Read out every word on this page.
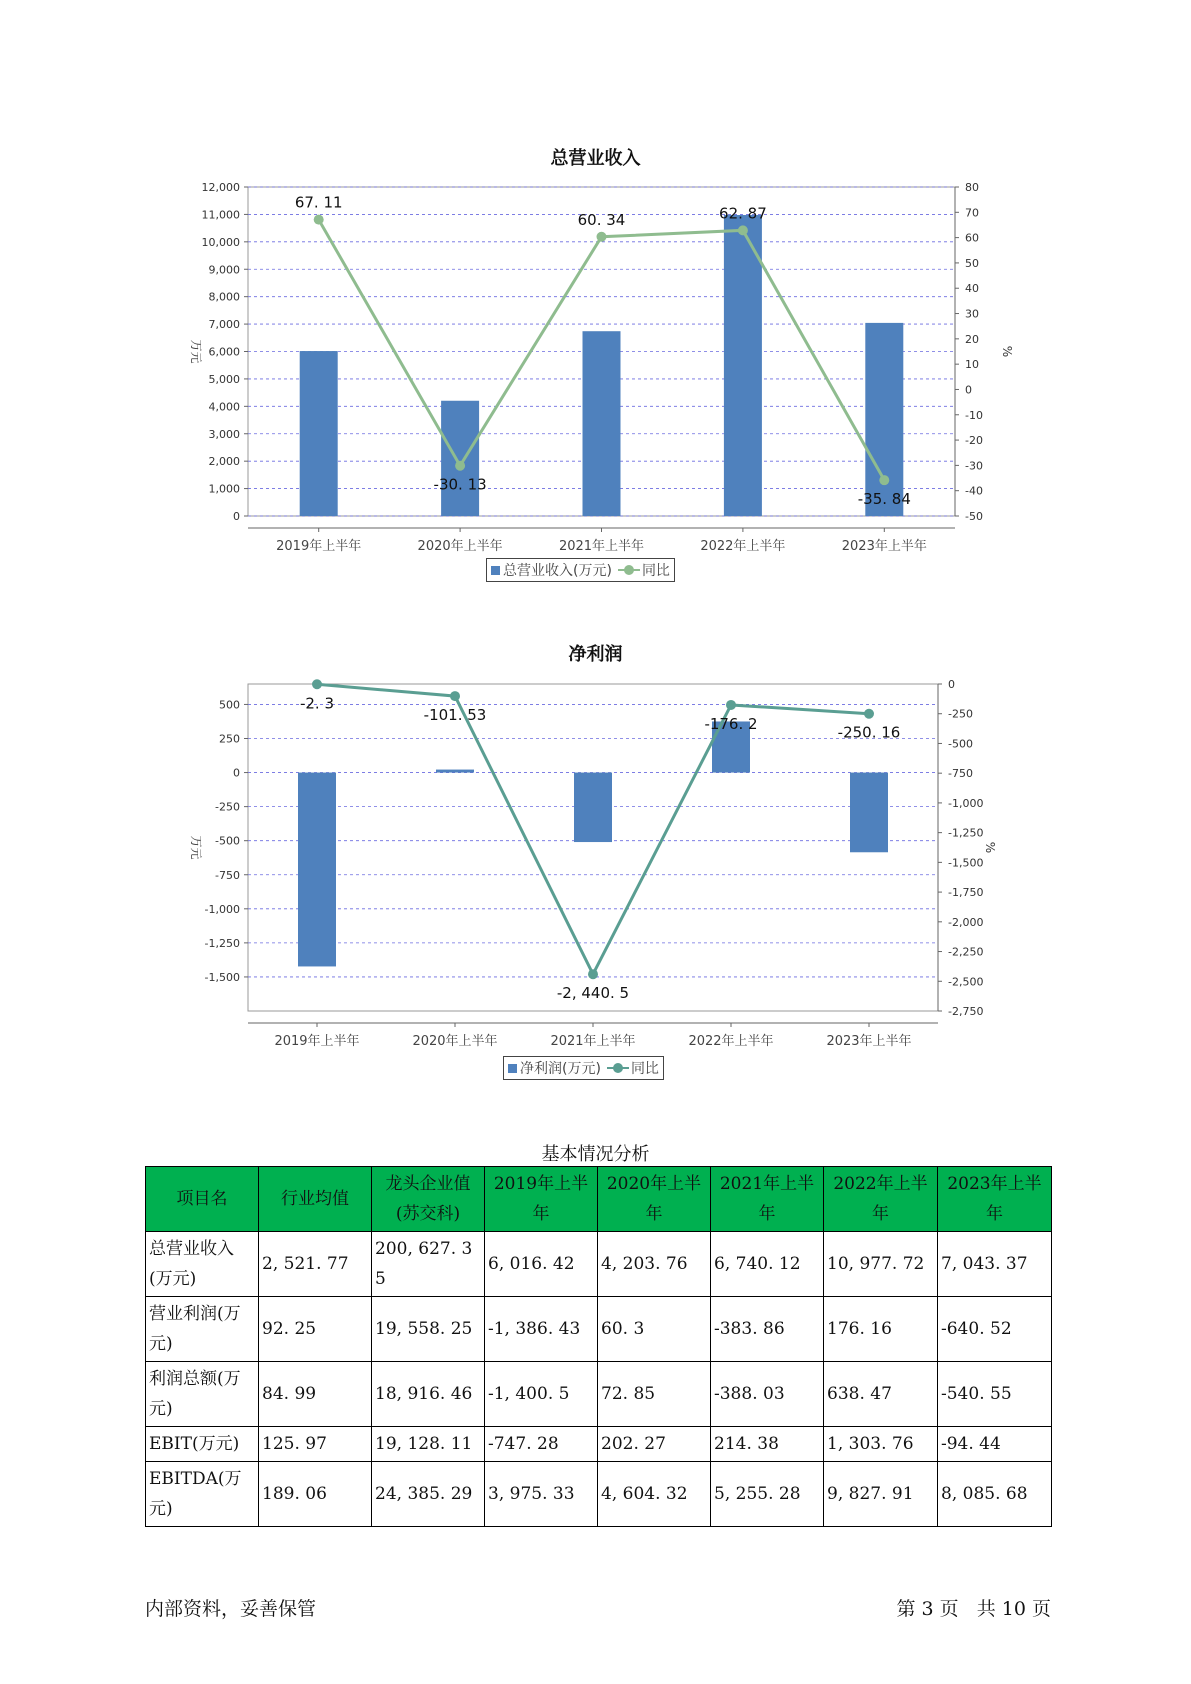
总营业收入
0
1,000
2,000
3,000
4,000
5,000
6,000
7,000
8,000
9,000
10,000
11,000
12,000
-50
-40
-30
-20
-10
0
10
20
30
40
50
60
70
80
2019年上半年	2020年上半年	2021年上半年	2022年上半年	2023年上半年
万元	%
67. 11
-30. 13
60. 34	62. 87
-35. 84
总营业收入(万元) 同比
净利润
-1,500
-1,250
-1,000
-750
-500
-250
0
250
500
-2,750
-2,500
-2,250
-2,000
-1,750
-1,500
-1,250
-1,000
-750
-500
-250
0
2019年上半年	2020年上半年	2021年上半年	2022年上半年	2023年上半年
万元	%
-2. 3
-101. 53
-2, 440. 5
-176. 2	-250. 16
净利润(万元) 同比
基本情况分析
项目名	行业均值	龙头企业值(苏交科)	2019年上半年	2020年上半年	2021年上半年	2022年上半年	2023年上半年
总营业收入(万元)	2, 521. 77	200, 627. 35	6, 016. 42	4, 203. 76	6, 740. 12	10, 977. 72	7, 043. 37
营业利润(万元)	92. 25	19, 558. 25	-1, 386. 43	60. 3	-383. 86	176. 16	-640. 52
利润总额(万元)	84. 99	18, 916. 46	-1, 400. 5	72. 85	-388. 03	638. 47	-540. 55
EBIT(万元)	125. 97	19, 128. 11	-747. 28	202. 27	214. 38	1, 303. 76	-94. 44
EBITDA(万元)	189. 06	24, 385. 29	3, 975. 33	4, 604. 32	5, 255. 28	9, 827. 91	8, 085. 68
内部资料，妥善保管	第 3 页   共 10 页
